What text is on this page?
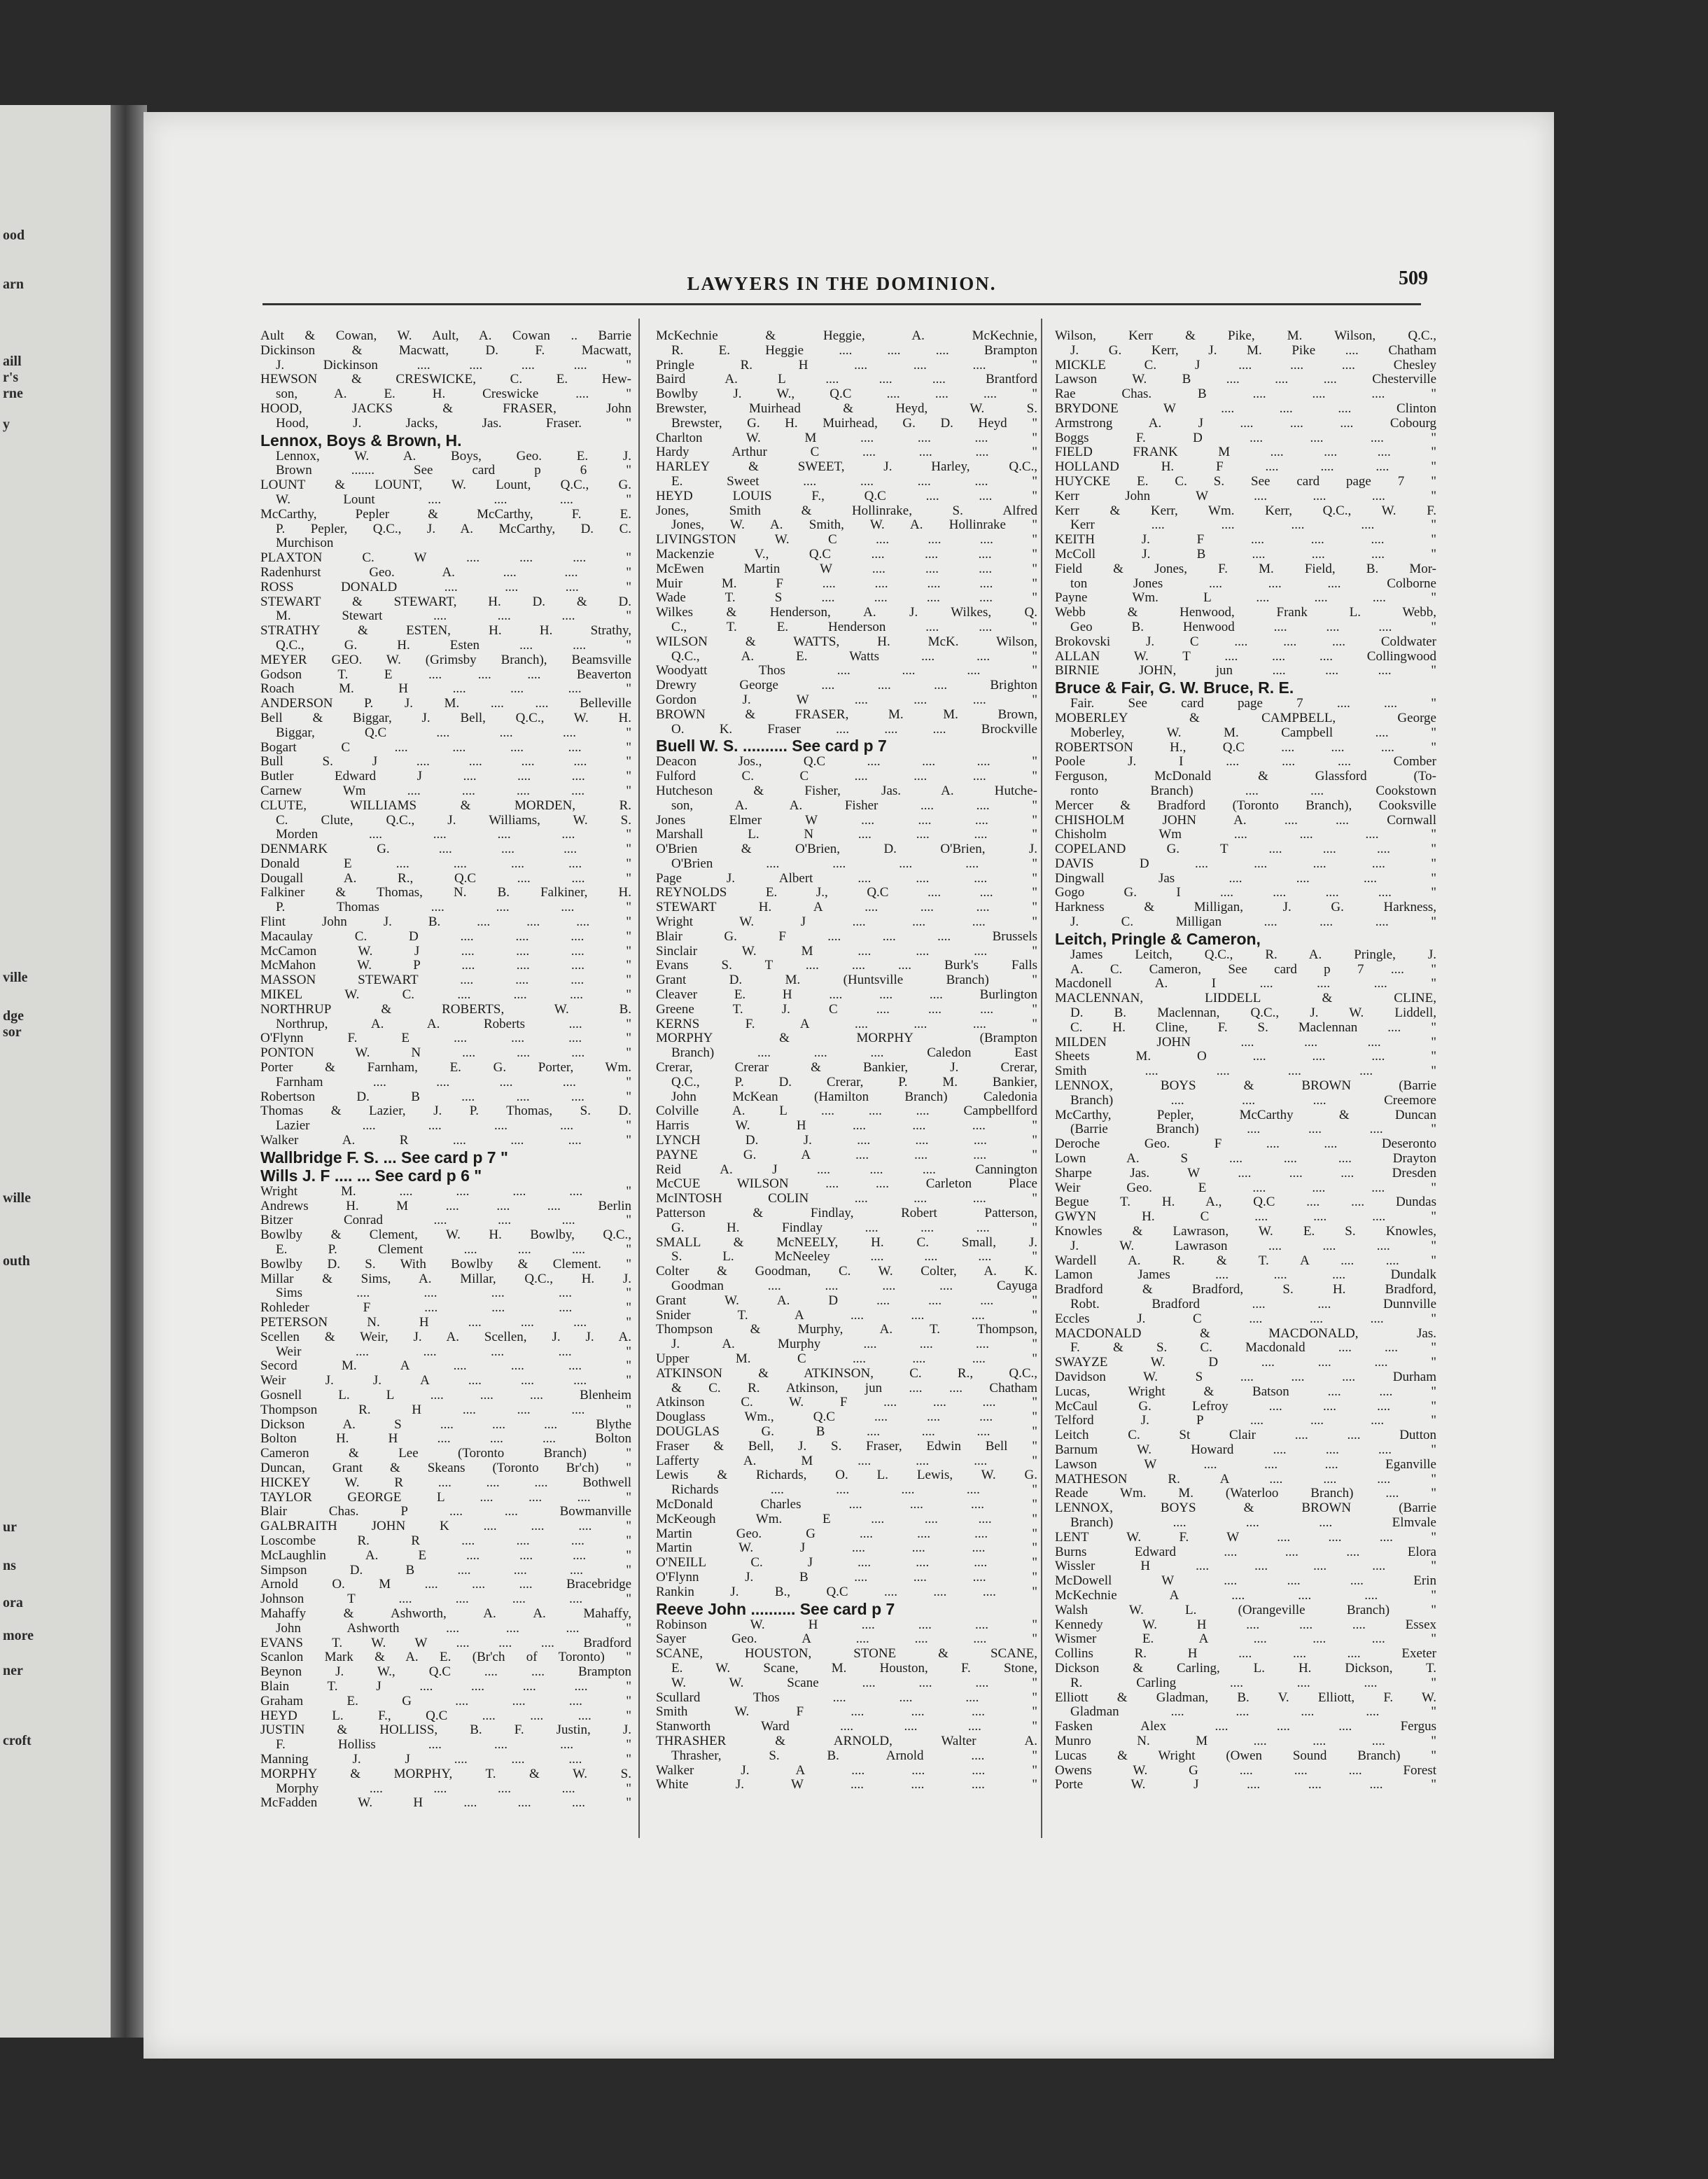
ood
arn
aill
r's
rne
y
ville
dge
sor
wille
outh
ur
ns
ora
more
ner
croft
LAWYERS IN THE DOMINION.	509
Ault & Cowan, W. Ault, A. Cowan .. Barrie
Dickinson & Macwatt, D. F. Macwatt,
J. Dickinson .... .... .... .... "
HEWSON & CRESWICKE, C. E. Hew-
son, A. E. H. Creswicke .... "
HOOD, JACKS & FRASER, John
Hood, J. Jacks, Jas. Fraser. "
Lennox, Boys & Brown, H.
Lennox, W. A. Boys, Geo. E. J.
Brown ....... See card p 6 "
LOUNT & LOUNT, W. Lount, Q.C., G.
W. Lount .... .... .... "
McCarthy, Pepler & McCarthy, F. E.
P. Pepler, Q.C., J. A. McCarthy, D. C.
Murchison
PLAXTON C. W .... .... .... "
Radenhurst Geo. A. .... .... "
ROSS DONALD .... .... .... "
STEWART & STEWART, H. D. & D.
M. Stewart .... .... .... "
STRATHY & ESTEN, H. H. Strathy,
Q.C., G. H. Esten .... .... "
MEYER GEO. W. (Grimsby Branch), Beamsville
Godson T. E .... .... .... Beaverton
Roach M. H .... .... .... "
ANDERSON P. J. M. .... .... Belleville
Bell & Biggar, J. Bell, Q.C., W. H.
Biggar, Q.C .... .... .... "
Bogart C .... .... .... .... "
Bull S. J .... .... .... .... "
Butler Edward J .... .... .... "
Carnew Wm .... .... .... .... "
CLUTE, WILLIAMS & MORDEN, R.
C. Clute, Q.C., J. Williams, W. S.
Morden .... .... .... .... "
DENMARK G. .... .... .... "
Donald E .... .... .... .... "
Dougall A. R., Q.C .... .... "
Falkiner & Thomas, N. B. Falkiner, H.
P. Thomas .... .... .... "
Flint John J. B. .... .... .... "
Macaulay C. D .... .... .... "
McCamon W. J .... .... .... "
McMahon W. P .... .... .... "
MASSON STEWART .... .... .... "
MIKEL W. C. .... .... .... "
NORTHRUP & ROBERTS, W. B.
Northrup, A. A. Roberts .... "
O'Flynn F. E .... .... .... "
PONTON W. N .... .... .... "
Porter & Farnham, E. G. Porter, Wm.
Farnham .... .... .... .... "
Robertson D. B .... .... .... "
Thomas & Lazier, J. P. Thomas, S. D.
Lazier .... .... .... .... "
Walker A. R .... .... .... "
Wallbridge F. S. ... See card p 7 "
Wills J. F .... ... See card p 6 "
Wright M. .... .... .... .... "
Andrews H. M .... .... .... Berlin
Bitzer Conrad .... .... .... "
Bowlby & Clement, W. H. Bowlby, Q.C.,
E. P. Clement .... .... .... "
Bowlby D. S. With Bowlby & Clement. "
Millar & Sims, A. Millar, Q.C., H. J.
Sims .... .... .... .... "
Rohleder F .... .... .... "
PETERSON N. H .... .... .... "
Scellen & Weir, J. A. Scellen, J. J. A.
Weir .... .... .... .... "
Secord M. A .... .... .... "
Weir J. J. A .... .... .... "
Gosnell L. L .... .... .... Blenheim
Thompson R. H .... .... .... "
Dickson A. S .... .... .... Blythe
Bolton H. H .... .... .... Bolton
Cameron & Lee (Toronto Branch) "
Duncan, Grant & Skeans (Toronto Br'ch) "
HICKEY W. R .... .... .... Bothwell
TAYLOR GEORGE L .... .... .... "
Blair Chas. P .... .... Bowmanville
GALBRAITH JOHN K .... .... .... "
Loscombe R. R .... .... .... "
McLaughlin A. E .... .... .... "
Simpson D. B .... .... .... "
Arnold O. M .... .... .... Bracebridge
Johnson T .... .... .... .... "
Mahaffy & Ashworth, A. A. Mahaffy,
John Ashworth .... .... .... "
EVANS T. W. W .... .... .... Bradford
Scanlon Mark & A. E. (Br'ch of Toronto) "
Beynon J. W., Q.C .... .... Brampton
Blain T. J .... .... .... .... "
Graham E. G .... .... .... "
HEYD L. F., Q.C .... .... .... "
JUSTIN & HOLLISS, B. F. Justin, J.
F. Holliss .... .... .... "
Manning J. J .... .... .... "
MORPHY & MORPHY, T. & W. S.
Morphy .... .... .... .... "
McFadden W. H .... .... .... "
McKechnie & Heggie, A. McKechnie,
R. E. Heggie .... .... .... Brampton
Pringle R. H .... .... .... "
Baird A. L .... .... .... Brantford
Bowlby J. W., Q.C .... .... .... "
Brewster, Muirhead & Heyd, W. S.
Brewster, G. H. Muirhead, G. D. Heyd "
Charlton W. M .... .... .... "
Hardy Arthur C .... .... .... "
HARLEY & SWEET, J. Harley, Q.C.,
E. Sweet .... .... .... .... "
HEYD LOUIS F., Q.C .... .... "
Jones, Smith & Hollinrake, S. Alfred
Jones, W. A. Smith, W. A. Hollinrake "
LIVINGSTON W. C .... .... .... "
Mackenzie V., Q.C .... .... .... "
McEwen Martin W .... .... .... "
Muir M. F .... .... .... .... "
Wade T. S .... .... .... .... "
Wilkes & Henderson, A. J. Wilkes, Q.
C., T. E. Henderson .... .... "
WILSON & WATTS, H. McK. Wilson,
Q.C., A. E. Watts .... .... "
Woodyatt Thos .... .... .... "
Drewry George .... .... .... Brighton
Gordon J. W .... .... .... "
BROWN & FRASER, M. M. Brown,
O. K. Fraser .... .... .... Brockville
Buell W. S. .......... See card p 7
Deacon Jos., Q.C .... .... .... "
Fulford C. C .... .... .... "
Hutcheson & Fisher, Jas. A. Hutche-
son, A. A. Fisher .... .... "
Jones Elmer W .... .... .... "
Marshall L. N .... .... .... "
O'Brien & O'Brien, D. O'Brien, J.
O'Brien .... .... .... .... "
Page J. Albert .... .... .... "
REYNOLDS E. J., Q.C .... .... "
STEWART H. A .... .... .... "
Wright W. J .... .... .... "
Blair G. F .... .... .... Brussels
Sinclair W. M .... .... .... "
Evans S. T .... .... .... Burk's Falls
Grant D. M. (Huntsville Branch) "
Cleaver E. H .... .... .... Burlington
Greene T. J. C .... .... .... "
KERNS F. A .... .... .... "
MORPHY & MORPHY (Brampton
Branch) .... .... .... Caledon East
Crerar, Crerar & Bankier, J. Crerar,
Q.C., P. D. Crerar, P. M. Bankier,
John McKean (Hamilton Branch) Caledonia
Colville A. L .... .... .... Campbellford
Harris W. H .... .... .... "
LYNCH D. J. .... .... .... "
PAYNE G. A .... .... .... "
Reid A. J .... .... .... Cannington
McCUE WILSON .... .... Carleton Place
McINTOSH COLIN .... .... .... "
Patterson & Findlay, Robert Patterson,
G. H. Findlay .... .... .... "
SMALL & McNEELY, H. C. Small, J.
S. L. McNeeley .... .... .... "
Colter & Goodman, C. W. Colter, A. K.
Goodman .... .... .... .... Cayuga
Grant W. A. D .... .... .... "
Snider T. A .... .... .... "
Thompson & Murphy, A. T. Thompson,
J. A. Murphy .... .... .... "
Upper M. C .... .... .... "
ATKINSON & ATKINSON, C. R., Q.C.,
& C. R. Atkinson, jun .... .... Chatham
Atkinson C. W. F .... .... .... "
Douglass Wm., Q.C .... .... .... "
DOUGLAS G. B .... .... .... "
Fraser & Bell, J. S. Fraser, Edwin Bell "
Lafferty A. M .... .... .... "
Lewis & Richards, O. L. Lewis, W. G.
Richards .... .... .... .... "
McDonald Charles .... .... .... "
McKeough Wm. E .... .... .... "
Martin Geo. G .... .... .... "
Martin W. J .... .... .... "
O'NEILL C. J .... .... .... "
O'Flynn J. B .... .... .... "
Rankin J. B., Q.C .... .... .... "
Reeve John .......... See card p 7
Robinson W. H .... .... .... "
Sayer Geo. A .... .... .... "
SCANE, HOUSTON, STONE & SCANE,
E. W. Scane, M. Houston, F. Stone,
W. W. Scane .... .... .... "
Scullard Thos .... .... .... "
Smith W. F .... .... .... "
Stanworth Ward .... .... .... "
THRASHER & ARNOLD, Walter A.
Thrasher, S. B. Arnold .... "
Walker J. A .... .... .... "
White J. W .... .... .... "
Wilson, Kerr & Pike, M. Wilson, Q.C.,
J. G. Kerr, J. M. Pike .... Chatham
MICKLE C. J .... .... .... Chesley
Lawson W. B .... .... .... Chesterville
Rae Chas. B .... .... .... "
BRYDONE W .... .... .... Clinton
Armstrong A. J .... .... .... Cobourg
Boggs F. D .... .... .... "
FIELD FRANK M .... .... .... "
HOLLAND H. F .... .... .... "
HUYCKE E. C. S. See card page 7 "
Kerr John W .... .... .... "
Kerr & Kerr, Wm. Kerr, Q.C., W. F.
Kerr .... .... .... .... "
KEITH J. F .... .... .... "
McColl J. B .... .... .... "
Field & Jones, F. M. Field, B. Mor-
ton Jones .... .... .... Colborne
Payne Wm. L .... .... .... "
Webb & Henwood, Frank L. Webb,
Geo B. Henwood .... .... .... "
Brokovski J. C .... .... .... Coldwater
ALLAN W. T .... .... .... Collingwood
BIRNIE JOHN, jun .... .... .... "
Bruce & Fair, G. W. Bruce, R. E.
Fair. See card page 7 .... .... "
MOBERLEY & CAMPBELL, George
Moberley, W. M. Campbell .... "
ROBERTSON H., Q.C .... .... .... "
Poole J. I .... .... .... Comber
Ferguson, McDonald & Glassford (To-
ronto Branch) .... .... Cookstown
Mercer & Bradford (Toronto Branch), Cooksville
CHISHOLM JOHN A. .... .... Cornwall
Chisholm Wm .... .... .... "
COPELAND G. T .... .... .... "
DAVIS D .... .... .... .... "
Dingwall Jas .... .... .... "
Gogo G. I .... .... .... .... "
Harkness & Milligan, J. G. Harkness,
J. C. Milligan .... .... .... "
Leitch, Pringle & Cameron,
James Leitch, Q.C., R. A. Pringle, J.
A. C. Cameron, See card p 7 .... "
Macdonell A. I .... .... .... "
MACLENNAN, LIDDELL & CLINE,
D. B. Maclennan, Q.C., J. W. Liddell,
C. H. Cline, F. S. Maclennan .... "
MILDEN JOHN .... .... .... "
Sheets M. O .... .... .... "
Smith .... .... .... .... "
LENNOX, BOYS & BROWN (Barrie
Branch) .... .... .... Creemore
McCarthy, Pepler, McCarthy & Duncan
(Barrie Branch) .... .... .... "
Deroche Geo. F .... .... Deseronto
Lown A. S .... .... .... Drayton
Sharpe Jas. W .... .... .... Dresden
Weir Geo. E .... .... .... "
Begue T. H. A., Q.C .... .... Dundas
GWYN H. C .... .... .... "
Knowles & Lawrason, W. E. S. Knowles,
J. W. Lawrason .... .... .... "
Wardell A. R. & T. A .... .... "
Lamon James .... .... .... Dundalk
Bradford & Bradford, S. H. Bradford,
Robt. Bradford .... .... Dunnville
Eccles J. C .... .... .... "
MACDONALD & MACDONALD, Jas.
F. & S. C. Macdonald .... .... "
SWAYZE W. D .... .... .... "
Davidson W. S .... .... .... Durham
Lucas, Wright & Batson .... .... "
McCaul G. Lefroy .... .... .... "
Telford J. P .... .... .... "
Leitch C. St Clair .... .... Dutton
Barnum W. Howard .... .... .... "
Lawson W .... .... .... Eganville
MATHESON R. A .... .... .... "
Reade Wm. M. (Waterloo Branch) .... "
LENNOX, BOYS & BROWN (Barrie
Branch) .... .... .... Elmvale
LENT W. F. W .... .... .... "
Burns Edward .... .... .... Elora
Wissler H .... .... .... .... "
McDowell W .... .... .... Erin
McKechnie A .... .... .... "
Walsh W. L. (Orangeville Branch) "
Kennedy W. H .... .... .... Essex
Wismer E. A .... .... .... "
Collins R. H .... .... .... Exeter
Dickson & Carling, L. H. Dickson, T.
R. Carling .... .... .... "
Elliott & Gladman, B. V. Elliott, F. W.
Gladman .... .... .... .... "
Fasken Alex .... .... .... Fergus
Munro N. M .... .... .... "
Lucas & Wright (Owen Sound Branch) "
Owens W. G .... .... .... Forest
Porte W. J .... .... .... "
